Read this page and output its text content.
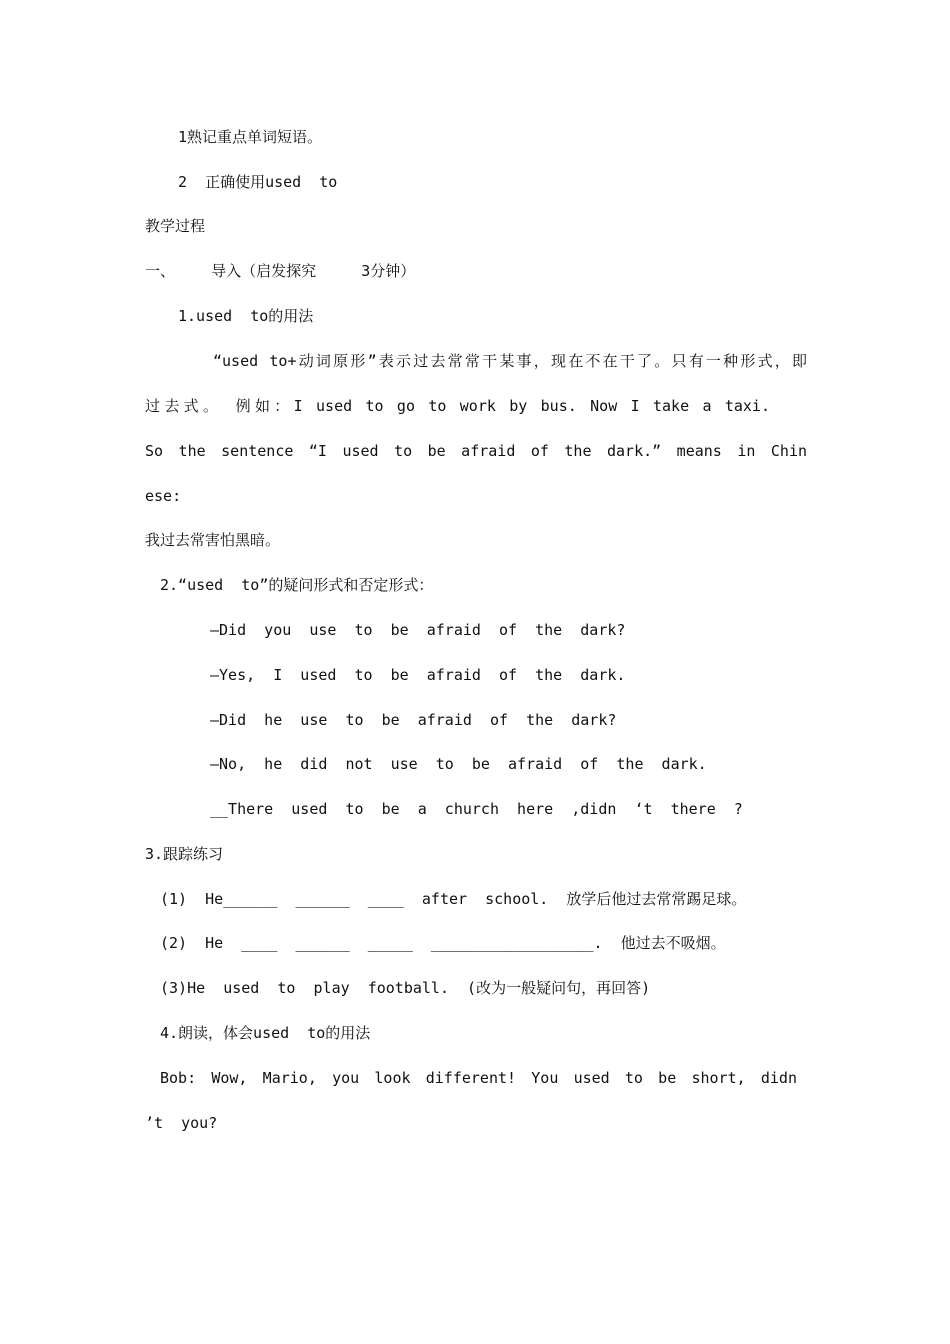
1熟记重点单词短语。
2  正确使用used  to
教学过程
一、    导入（启发探究     3分钟）
1.used  to的用法
“used to+动词原形”表示过去常常干某事，现在不在干了。只有一种形式，即
过去式。 例如：I used to go to work by bus. Now I take a taxi.
So the sentence “I used to be afraid of the dark.” means in Chin
ese:
我过去常害怕黑暗。
2.“used  to”的疑问形式和否定形式：
—Did  you  use  to  be  afraid  of  the  dark?
—Yes,  I  used  to  be  afraid  of  the  dark.
—Did  he  use  to  be  afraid  of  the  dark?
—No,  he  did  not  use  to  be  afraid  of  the  dark.
__There  used  to  be  a  church  here  ,didn  ‘t  there  ?
3.跟踪练习
(1)  He______  ______  ____  after  school.  放学后他过去常常踢足球。
(2)  He  ____  ______  _____  __________________.  他过去不吸烟。
(3)He  used  to  play  football.  (改为一般疑问句，再回答)
4.朗读，体会used  to的用法
Bob: Wow, Mario, you look different! You used to be short, didn
’t  you?
